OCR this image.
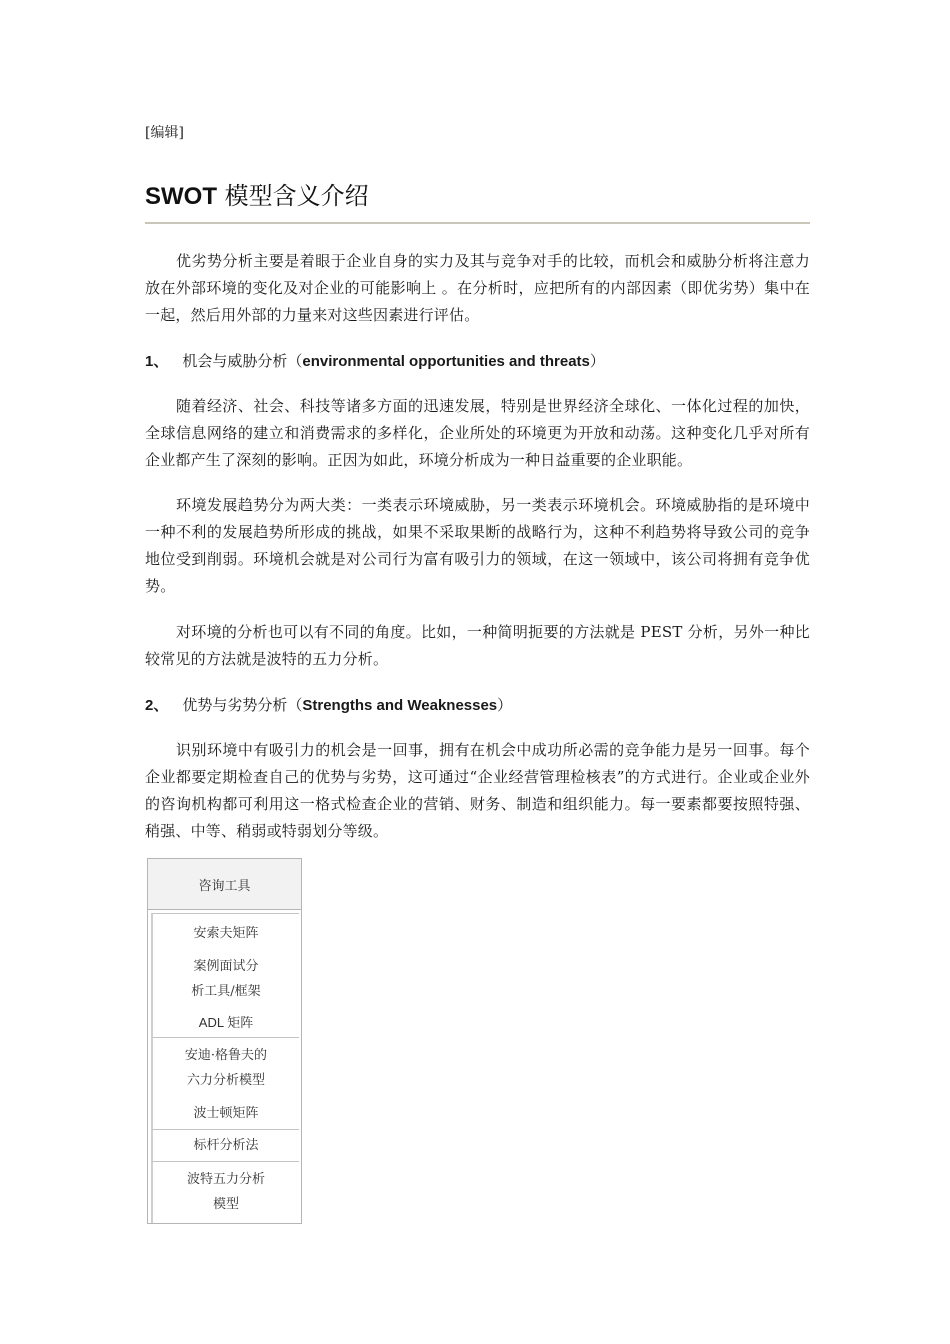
[编辑]
SWOT 模型含义介绍

优劣势分析主要是着眼于企业自身的实力及其与竞争对手的比较，而机会和威胁分析将注意力放在外部环境的变化及对企业的可能影响上 。在分析时，应把所有的内部因素（即优劣势）集中在一起，然后用外部的力量来对这些因素进行评估。

1、 机会与威胁分析（environmental opportunities and threats）

随着经济、社会、科技等诸多方面的迅速发展，特别是世界经济全球化、一体化过程的加快，全球信息网络的建立和消费需求的多样化，企业所处的环境更为开放和动荡。这种变化几乎对所有企业都产生了深刻的影响。正因为如此，环境分析成为一种日益重要的企业职能。

环境发展趋势分为两大类：一类表示环境威胁，另一类表示环境机会。环境威胁指的是环境中一种不利的发展趋势所形成的挑战，如果不采取果断的战略行为，这种不利趋势将导致公司的竞争地位受到削弱。环境机会就是对公司行为富有吸引力的领域，在这一领域中，该公司将拥有竞争优势。

对环境的分析也可以有不同的角度。比如，一种简明扼要的方法就是 PEST 分析，另外一种比较常见的方法就是波特的五力分析。

2、 优势与劣势分析（Strengths and Weaknesses）

识别环境中有吸引力的机会是一回事，拥有在机会中成功所必需的竞争能力是另一回事。每个企业都要定期检查自己的优势与劣势，这可通过“企业经营管理检核表”的方式进行。企业或企业外的咨询机构都可利用这一格式检查企业的营销、财务、制造和组织能力。每一要素都要按照特强、稍强、中等、稍弱或特弱划分等级。

咨询工具
安索夫矩阵
案例面试分
析工具/框架
ADL 矩阵
安迪·格鲁夫的
六力分析模型
波士顿矩阵
标杆分析法
波特五力分析
模型
